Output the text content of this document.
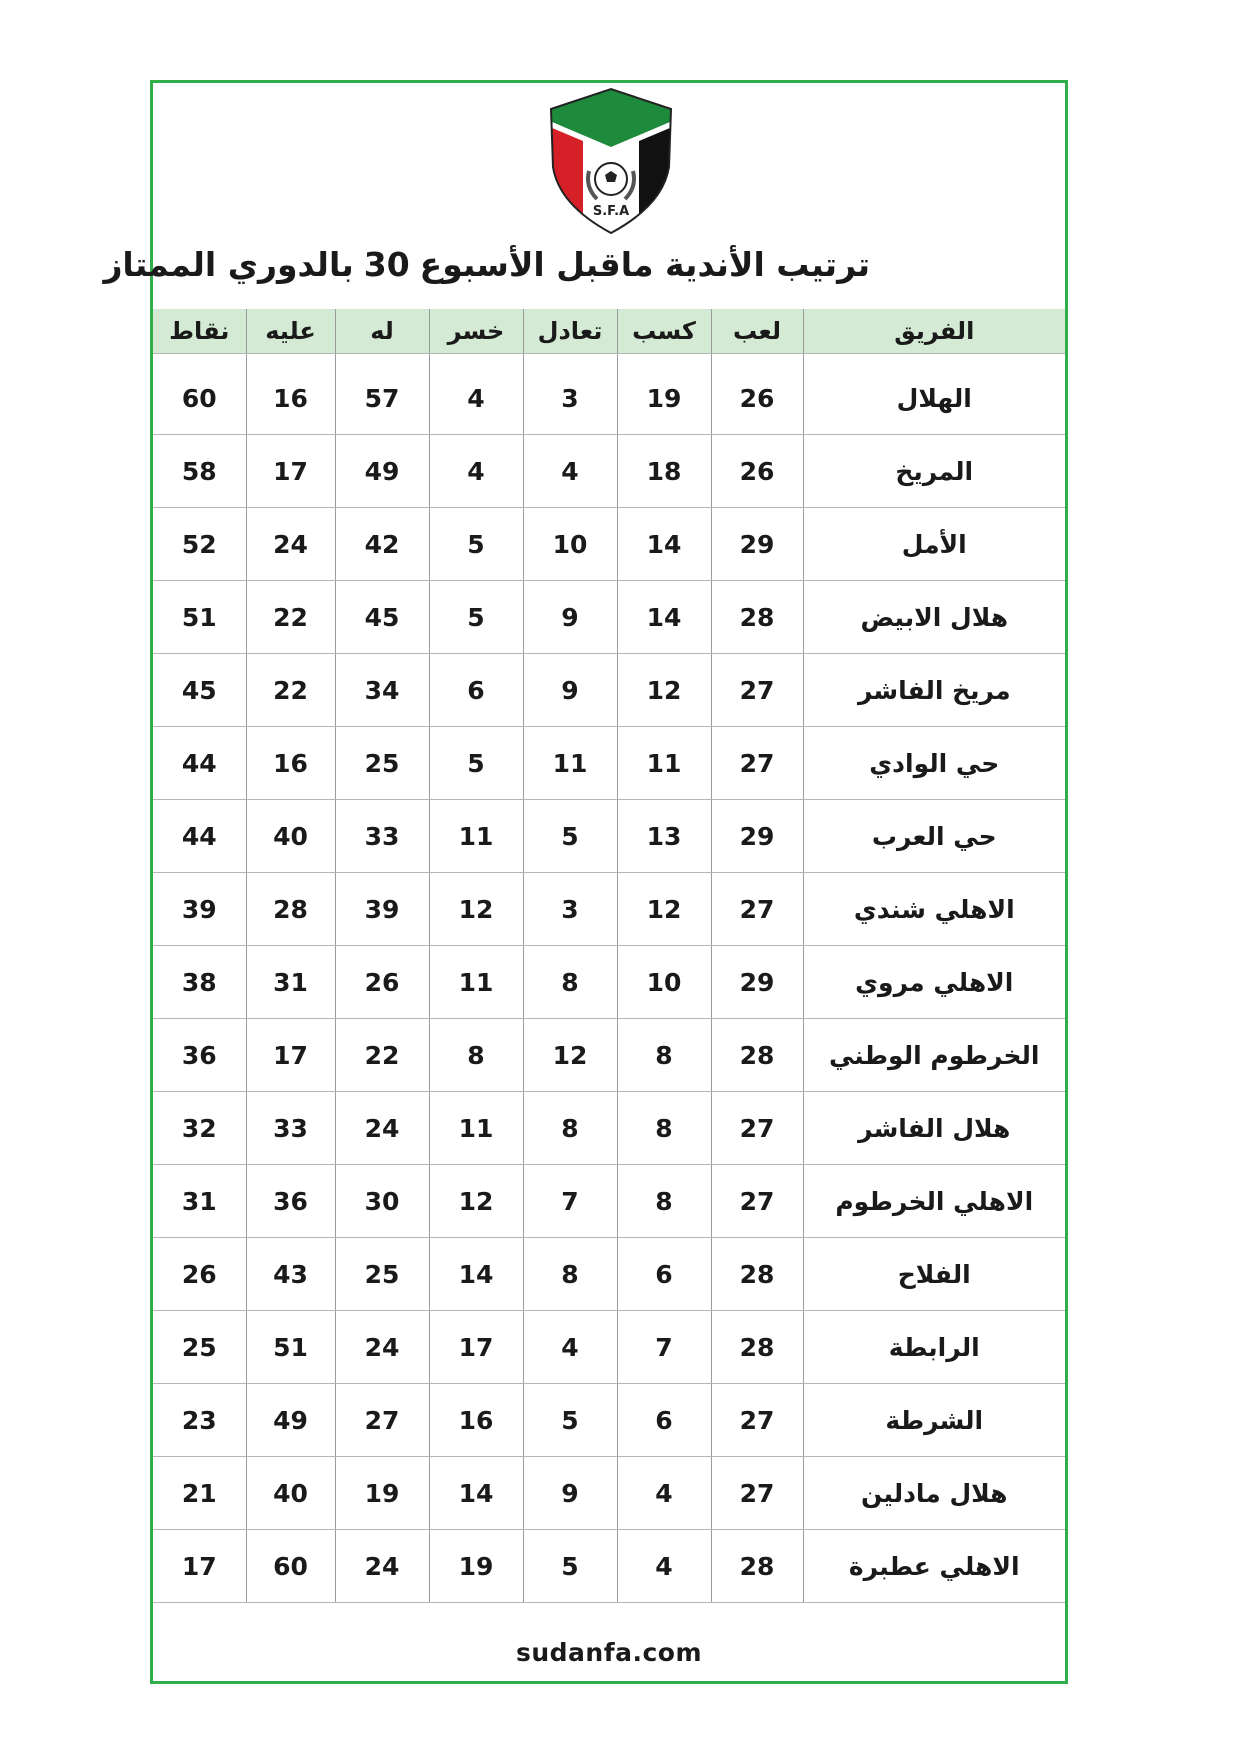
S.F.A
ترتيب الأندية ماقبل الأسبوع30بالدوري الممتاز
الفريق	لعب	كسب	تعادل	خسر	له	عليه	نقاط

الهلال	26	19	3	4	57	16	60
المريخ	26	18	4	4	49	17	58
الأمل	29	14	10	5	42	24	52
هلال الابيض	28	14	9	5	45	22	51
مريخ الفاشر	27	12	9	6	34	22	45
حي الوادي	27	11	11	5	25	16	44
حي العرب	29	13	5	11	33	40	44
الاهلي شندي	27	12	3	12	39	28	39
الاهلي مروي	29	10	8	11	26	31	38
الخرطوم الوطني	28	8	12	8	22	17	36
هلال الفاشر	27	8	8	11	24	33	32
الاهلي الخرطوم	27	8	7	12	30	36	31
الفلاح	28	6	8	14	25	43	26
الرابطة	28	7	4	17	24	51	25
الشرطة	27	6	5	16	27	49	23
هلال مادلين	27	4	9	14	19	40	21
الاهلي عطبرة	28	4	5	19	24	60	17
sudanfa.com
